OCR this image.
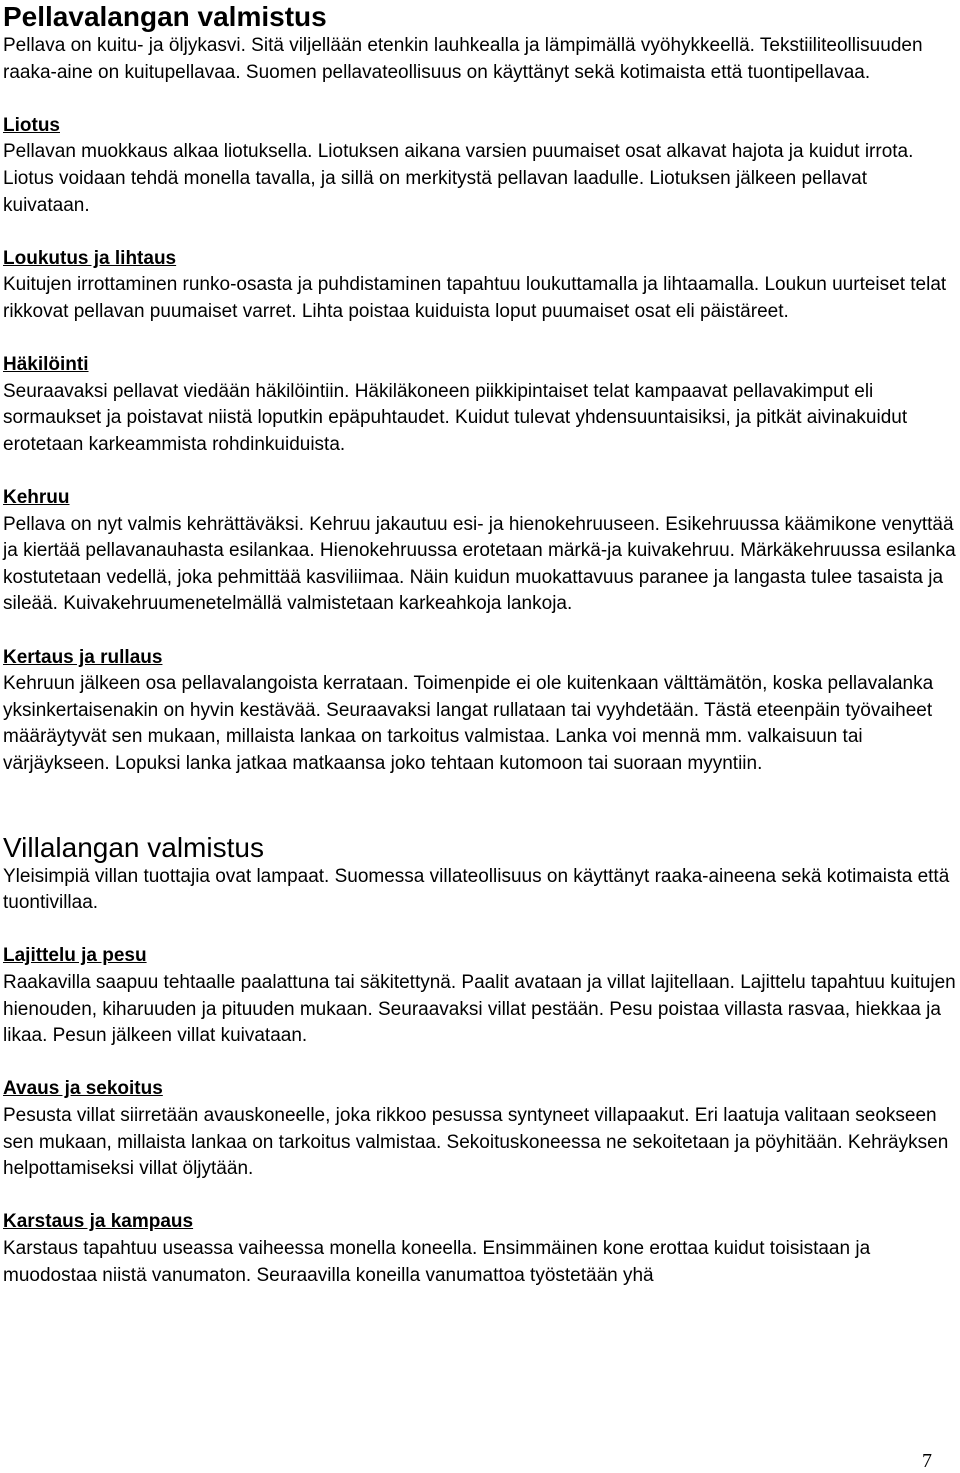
Pellavalangan valmistus

Pellava on kuitu- ja öljykasvi. Sitä viljellään etenkin lauhkealla ja lämpimällä vyöhykkeellä. Tekstiiliteollisuuden raaka-aine on kuitupellavaa. Suomen pellavateollisuus on käyttänyt sekä kotimaista että tuontipellavaa.

Liotus

Pellavan muokkaus alkaa liotuksella. Liotuksen aikana varsien puumaiset osat alkavat hajota ja kuidut irrota. Liotus voidaan tehdä monella tavalla, ja sillä on merkitystä pellavan laadulle. Liotuksen jälkeen pellavat kuivataan.

Loukutus ja lihtaus

Kuitujen irrottaminen runko-osasta ja puhdistaminen tapahtuu loukuttamalla ja lihtaamalla. Loukun uurteiset telat rikkovat pellavan puumaiset varret. Lihta poistaa kuiduista loput puumaiset osat eli päistäreet.

Häkilöinti

Seuraavaksi pellavat viedään häkilöintiin. Häkiläkoneen piikkipintaiset telat kampaavat pellavakimput eli sormaukset ja poistavat niistä loputkin epäpuhtaudet. Kuidut tulevat yhdensuuntaisiksi, ja pitkät aivinakuidut erotetaan karkeammista rohdinkuiduista.

Kehruu

Pellava on nyt valmis kehrättäväksi. Kehruu jakautuu esi- ja hienokehruuseen. Esikehruussa käämikone venyttää ja kiertää pellavanauhasta esilankaa. Hienokehruussa erotetaan märkä-ja kuivakehruu. Märkäkehruussa esilanka kostutetaan vedellä, joka pehmittää kasviliimaa. Näin kuidun muokattavuus paranee ja langasta tulee tasaista ja sileää. Kuivakehruumenetelmällä valmistetaan karkeahkoja lankoja.

Kertaus ja rullaus

Kehruun jälkeen osa pellavalangoista kerrataan. Toimenpide ei ole kuitenkaan välttämätön, koska pellavalanka yksinkertaisenakin on hyvin kestävää. Seuraavaksi langat rullataan tai vyyhdetään. Tästä eteenpäin työvaiheet määräytyvät sen mukaan, millaista lankaa on tarkoitus valmistaa. Lanka voi mennä mm. valkaisuun tai värjäykseen. Lopuksi lanka jatkaa matkaansa joko tehtaan kutomoon tai suoraan myyntiin.

Villalangan valmistus

Yleisimpiä villan tuottajia ovat lampaat. Suomessa villateollisuus on käyttänyt raaka-aineena sekä kotimaista että tuontivillaa.

Lajittelu ja pesu

Raakavilla saapuu tehtaalle paalattuna tai säkitettynä. Paalit avataan ja villat lajitellaan. Lajittelu tapahtuu kuitujen hienouden, kiharuuden ja pituuden mukaan. Seuraavaksi villat pestään. Pesu poistaa villasta rasvaa, hiekkaa ja likaa. Pesun jälkeen villat kuivataan.

Avaus ja sekoitus

Pesusta villat siirretään avauskoneelle, joka rikkoo pesussa syntyneet villapaakut. Eri laatuja valitaan seokseen sen mukaan, millaista lankaa on tarkoitus valmistaa. Sekoituskoneessa ne sekoitetaan ja pöyhitään. Kehräyksen helpottamiseksi villat öljytään.

Karstaus ja kampaus

Karstaus tapahtuu useassa vaiheessa monella koneella. Ensimmäinen kone erottaa kuidut toisistaan ja muodostaa niistä vanumaton. Seuraavilla koneilla vanumattoa työstetään yhä

7
